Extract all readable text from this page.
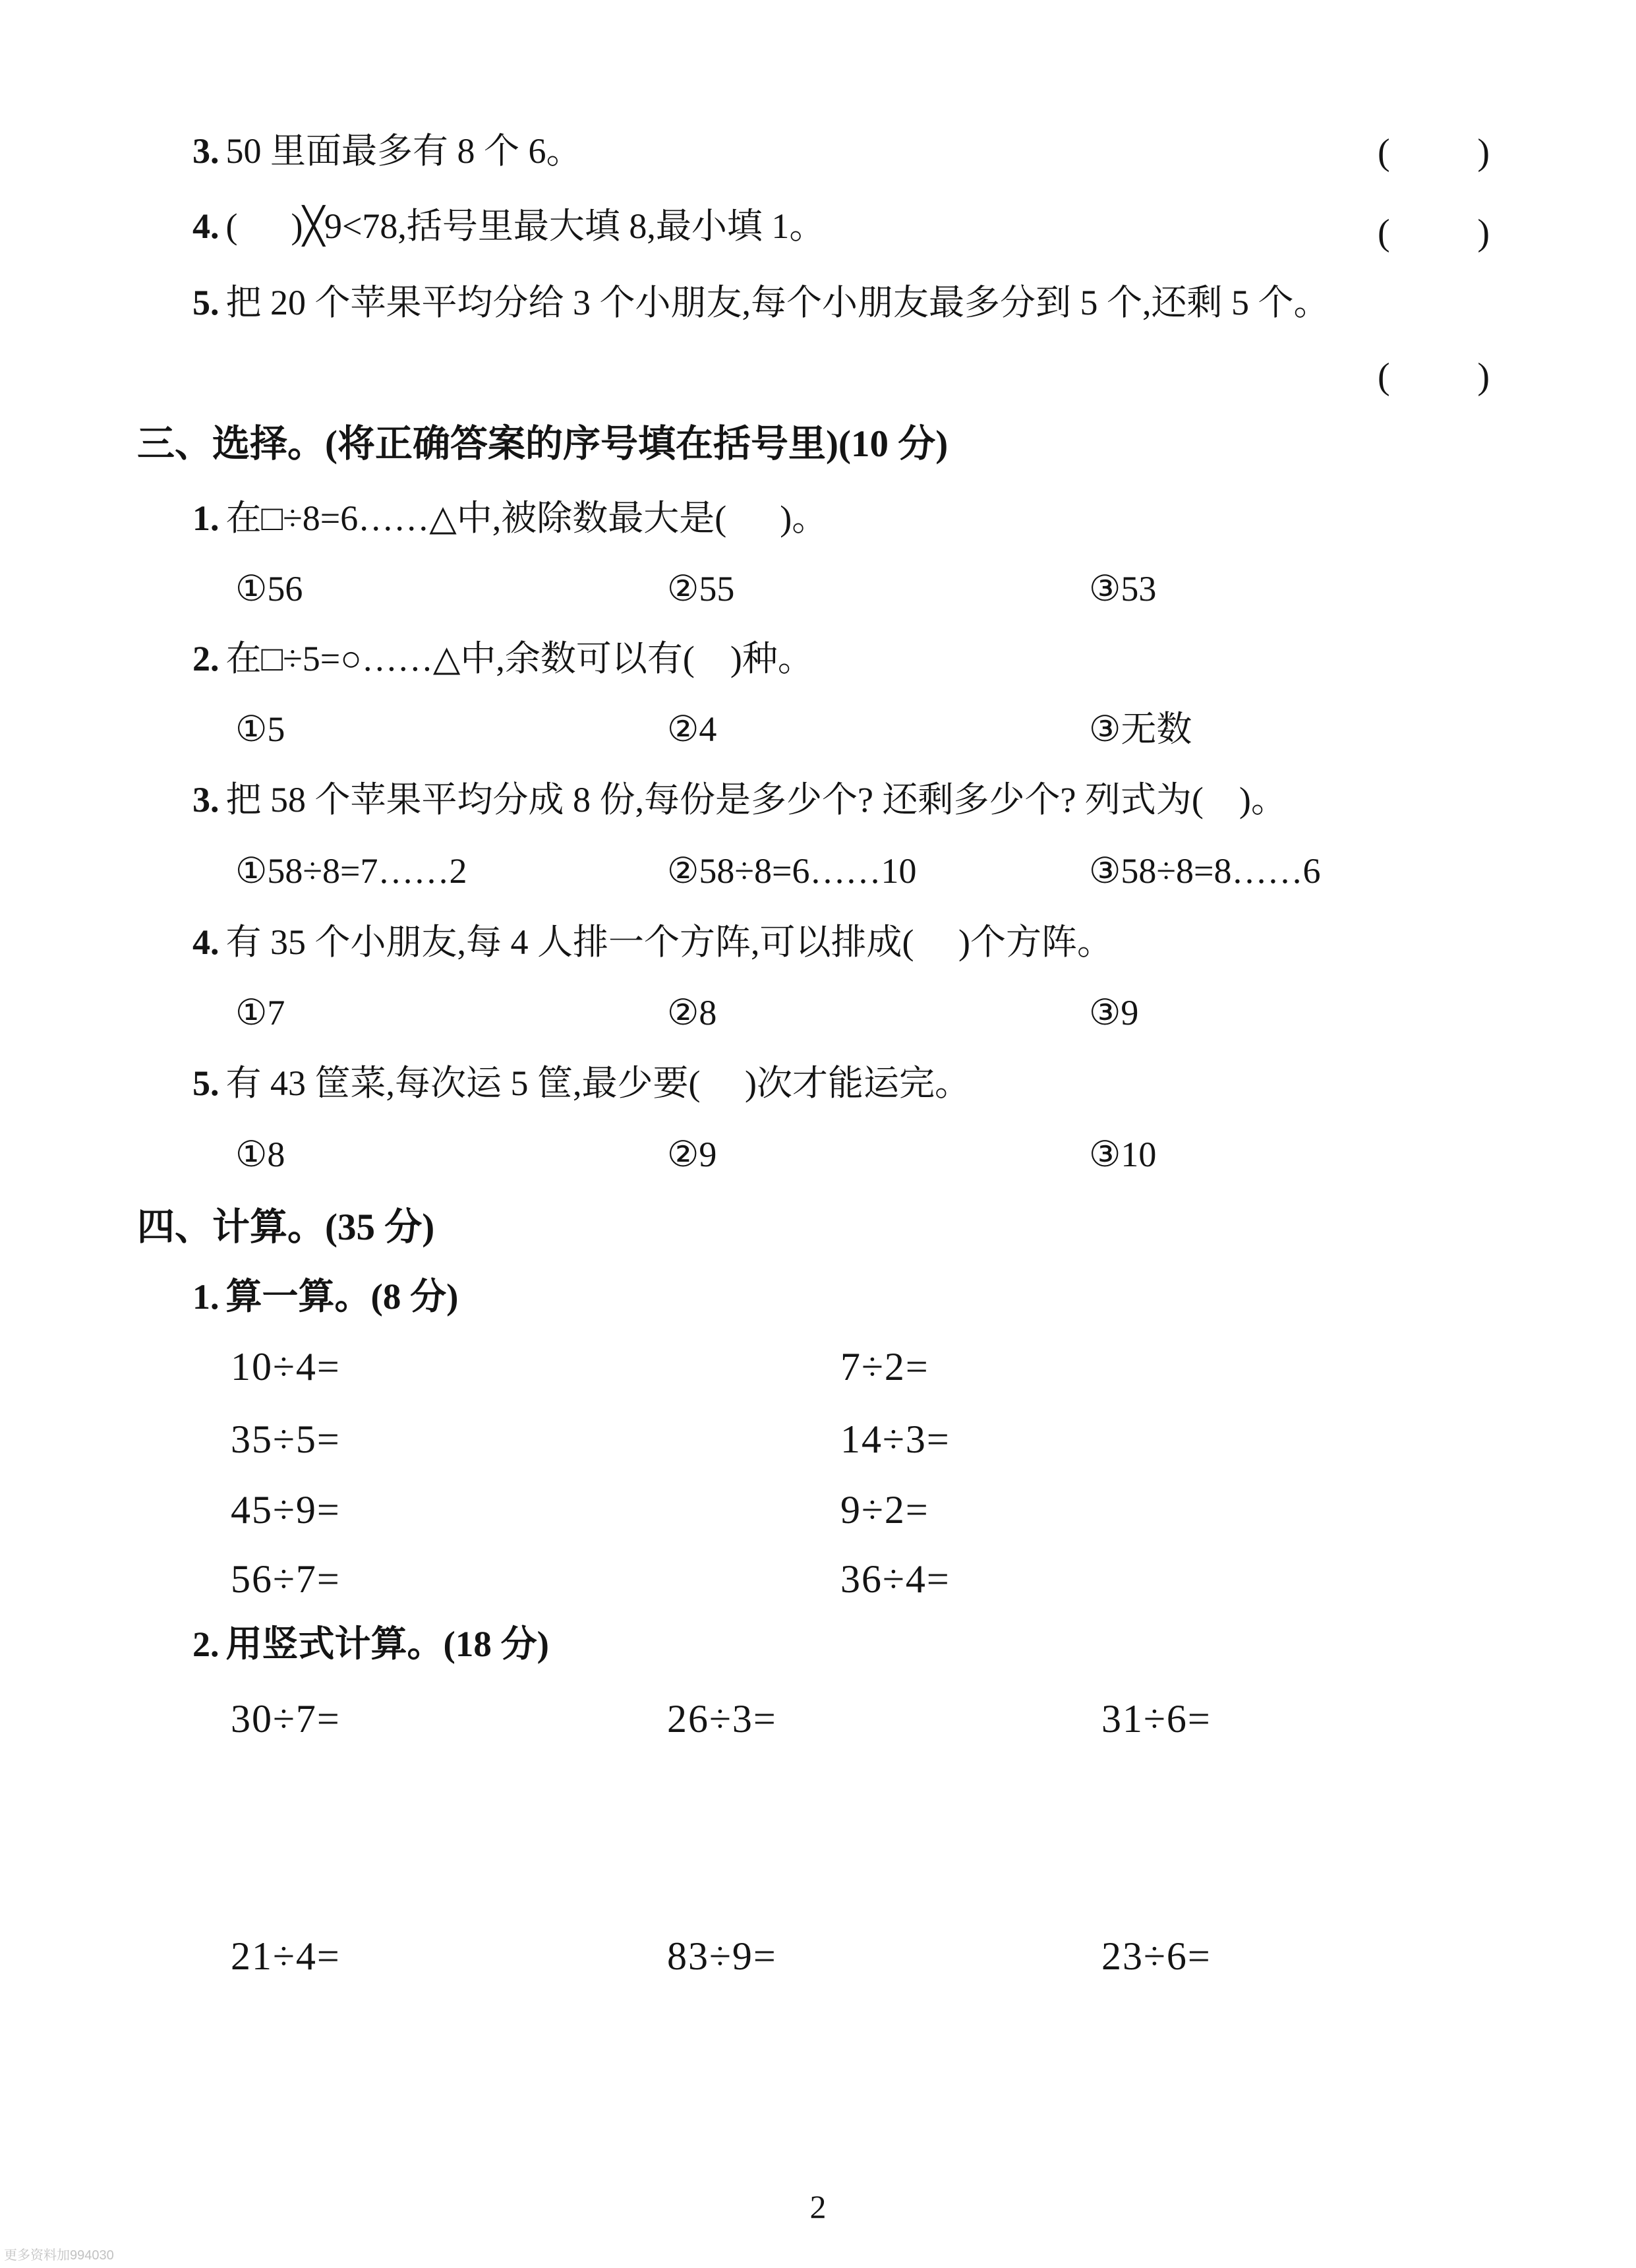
3. 50 里面最多有 8 个 6。	( )
4. (      )╳9<78,括号里最大填 8,最小填 1。	( )
5. 把 20 个苹果平均分给 3 个小朋友,每个小朋友最多分到 5 个,还剩 5 个。
( )
三、选择。(将正确答案的序号填在括号里)(10 分)
1. 在□÷8=6……△中,被除数最大是(      )。
①56	②55	③53
2. 在□÷5=○……△中,余数可以有(    )种。
①5	②4	③无数
3. 把 58 个苹果平均分成 8 份,每份是多少个? 还剩多少个? 列式为(    )。
①58÷8=7……2	②58÷8=6……10	③58÷8=8……6
4. 有 35 个小朋友,每 4 人排一个方阵,可以排成(     )个方阵。
①7	②8	③9
5. 有 43 筐菜,每次运 5 筐,最少要(     )次才能运完。
①8	②9	③10
四、计算。(35 分)
1. 算一算。(8 分)
10÷4=	7÷2=
35÷5=	14÷3=
45÷9=	9÷2=
56÷7=	36÷4=
2. 用竖式计算。(18 分)
30÷7=	26÷3=	31÷6=
21÷4=	83÷9=	23÷6=
2
更多资料加994030
